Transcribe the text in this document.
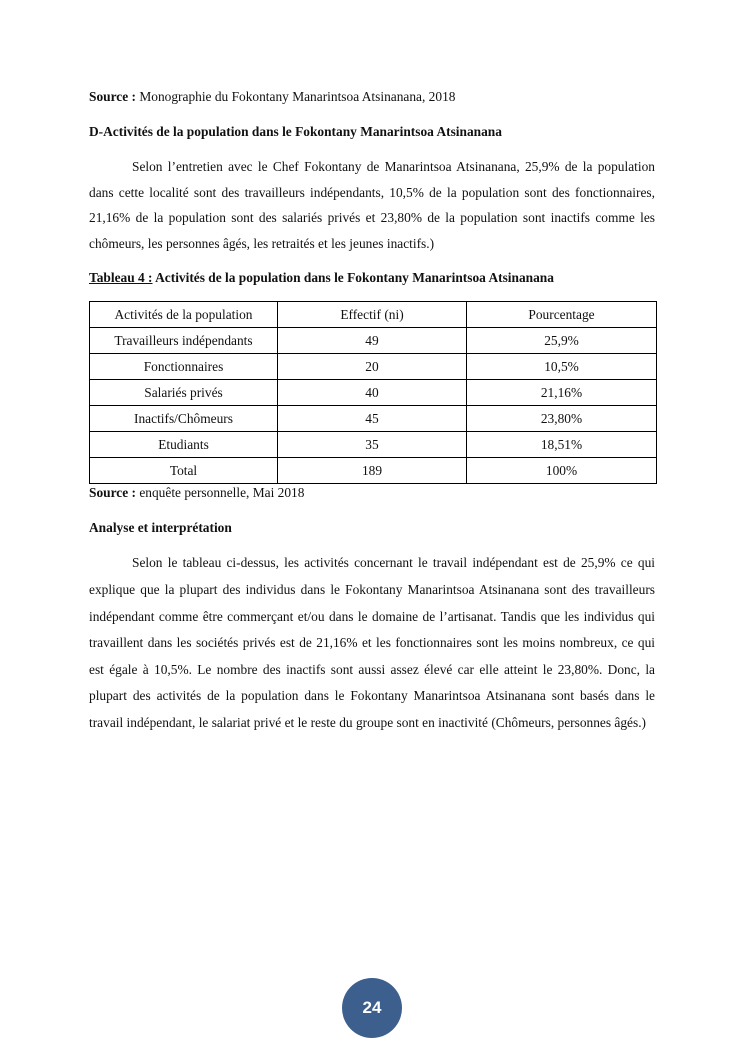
Source : Monographie du Fokontany Manarintsoa Atsinanana, 2018

D-Activités de la population dans le Fokontany Manarintsoa Atsinanana

Selon l’entretien avec le Chef Fokontany de Manarintsoa Atsinanana, 25,9% de la population dans cette localité sont des travailleurs indépendants, 10,5% de la population sont des fonctionnaires, 21,16% de la population sont des salariés privés et 23,80% de la population sont inactifs comme les chômeurs, les personnes âgés, les retraités et les jeunes inactifs.)

Tableau 4 : Activités de la population dans le Fokontany Manarintsoa Atsinanana

Activités de la population	Effectif (ni)	Pourcentage
Travailleurs indépendants	49	25,9%
Fonctionnaires	20	10,5%
Salariés privés	40	21,16%
Inactifs/Chômeurs	45	23,80%
Etudiants	35	18,51%
Total	189	100%

Source : enquête personnelle, Mai 2018

Analyse et interprétation

Selon le tableau ci-dessus, les activités concernant le travail indépendant est de 25,9% ce qui explique que la plupart des individus dans le Fokontany Manarintsoa Atsinanana sont des travailleurs indépendant comme être commerçant et/ou dans le domaine de l’artisanat. Tandis que les individus qui travaillent dans les sociétés privés est de 21,16% et les fonctionnaires sont les moins nombreux, ce qui est égale à 10,5%. Le nombre des inactifs sont aussi assez élevé car elle atteint le 23,80%. Donc, la plupart des activités de la population dans le Fokontany Manarintsoa Atsinanana sont basés dans le travail indépendant, le salariat privé et le reste du groupe sont en inactivité (Chômeurs, personnes âgés.)

24
